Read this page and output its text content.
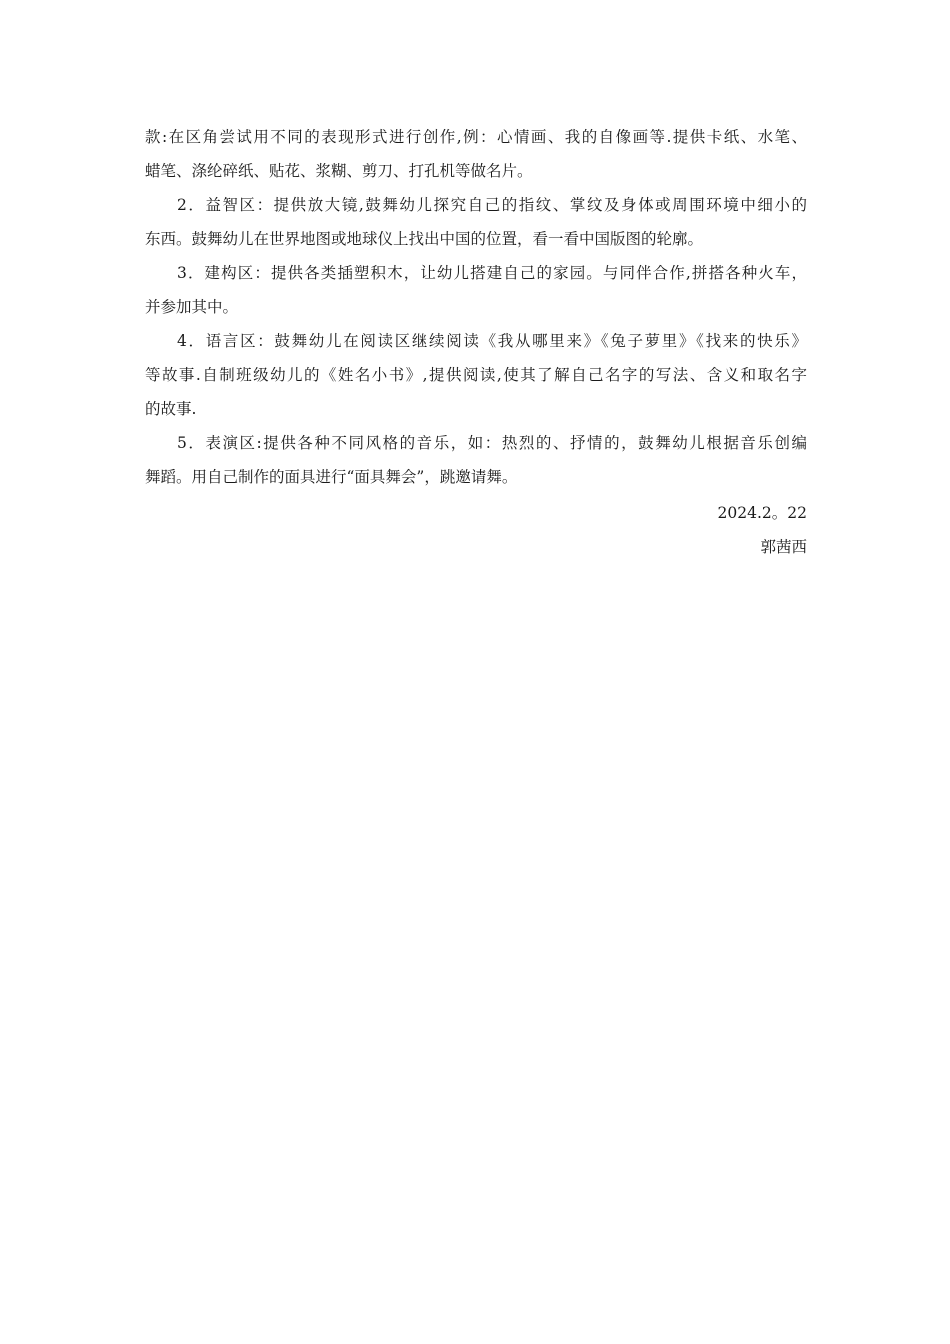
款:在区角尝试用不同的表现形式进行创作,例：心情画、我的自像画等.提供卡纸、水笔、
蜡笔、涤纶碎纸、贴花、浆糊、剪刀、打孔机等做名片。
2．益智区：提供放大镜,鼓舞幼儿探究自己的指纹、掌纹及身体或周围环境中细小的
东西。鼓舞幼儿在世界地图或地球仪上找出中国的位置，看一看中国版图的轮廓。
3．建构区：提供各类插塑积木，让幼儿搭建自己的家园。与同伴合作,拼搭各种火车，
并参加其中。
4．语言区：鼓舞幼儿在阅读区继续阅读《我从哪里来》《兔子萝里》《找来的快乐》
等故事.自制班级幼儿的《姓名小书》,提供阅读,使其了解自己名字的写法、含义和取名字
的故事.
5．表演区:提供各种不同风格的音乐，如：热烈的、抒情的，鼓舞幼儿根据音乐创编
舞蹈。用自己制作的面具进行“面具舞会”，跳邀请舞。
2024.2。22
郭茜西
